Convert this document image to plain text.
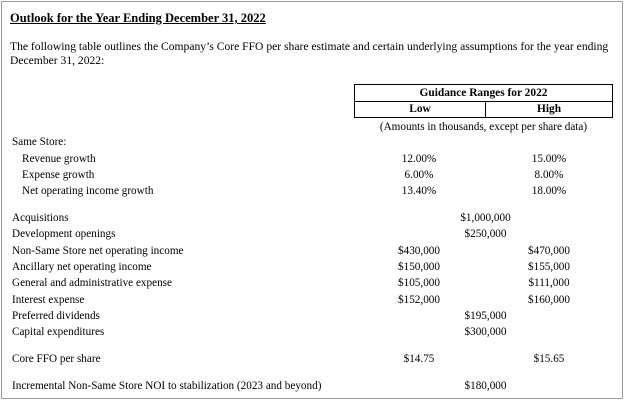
Outlook for the Year Ending December 31, 2022
The following table outlines the Company’s Core FFO per share estimate and certain underlying assumptions for the year ending December 31, 2022:
Guidance Ranges for 2022
Low	High
(Amounts in thousands, except per share data)
Same Store:
Revenue growth	12.00%	15.00%
Expense growth	6.00%	8.00%
Net operating income growth	13.40%	18.00%
Acquisitions	$1,000,000
Development openings	$250,000
Non-Same Store net operating income	$430,000	$470,000
Ancillary net operating income	$150,000	$155,000
General and administrative expense	$105,000	$111,000
Interest expense	$152,000	$160,000
Preferred dividends	$195,000
Capital expenditures	$300,000
Core FFO per share	$14.75	$15.65
Incremental Non-Same Store NOI to stabilization (2023 and beyond)	$180,000
